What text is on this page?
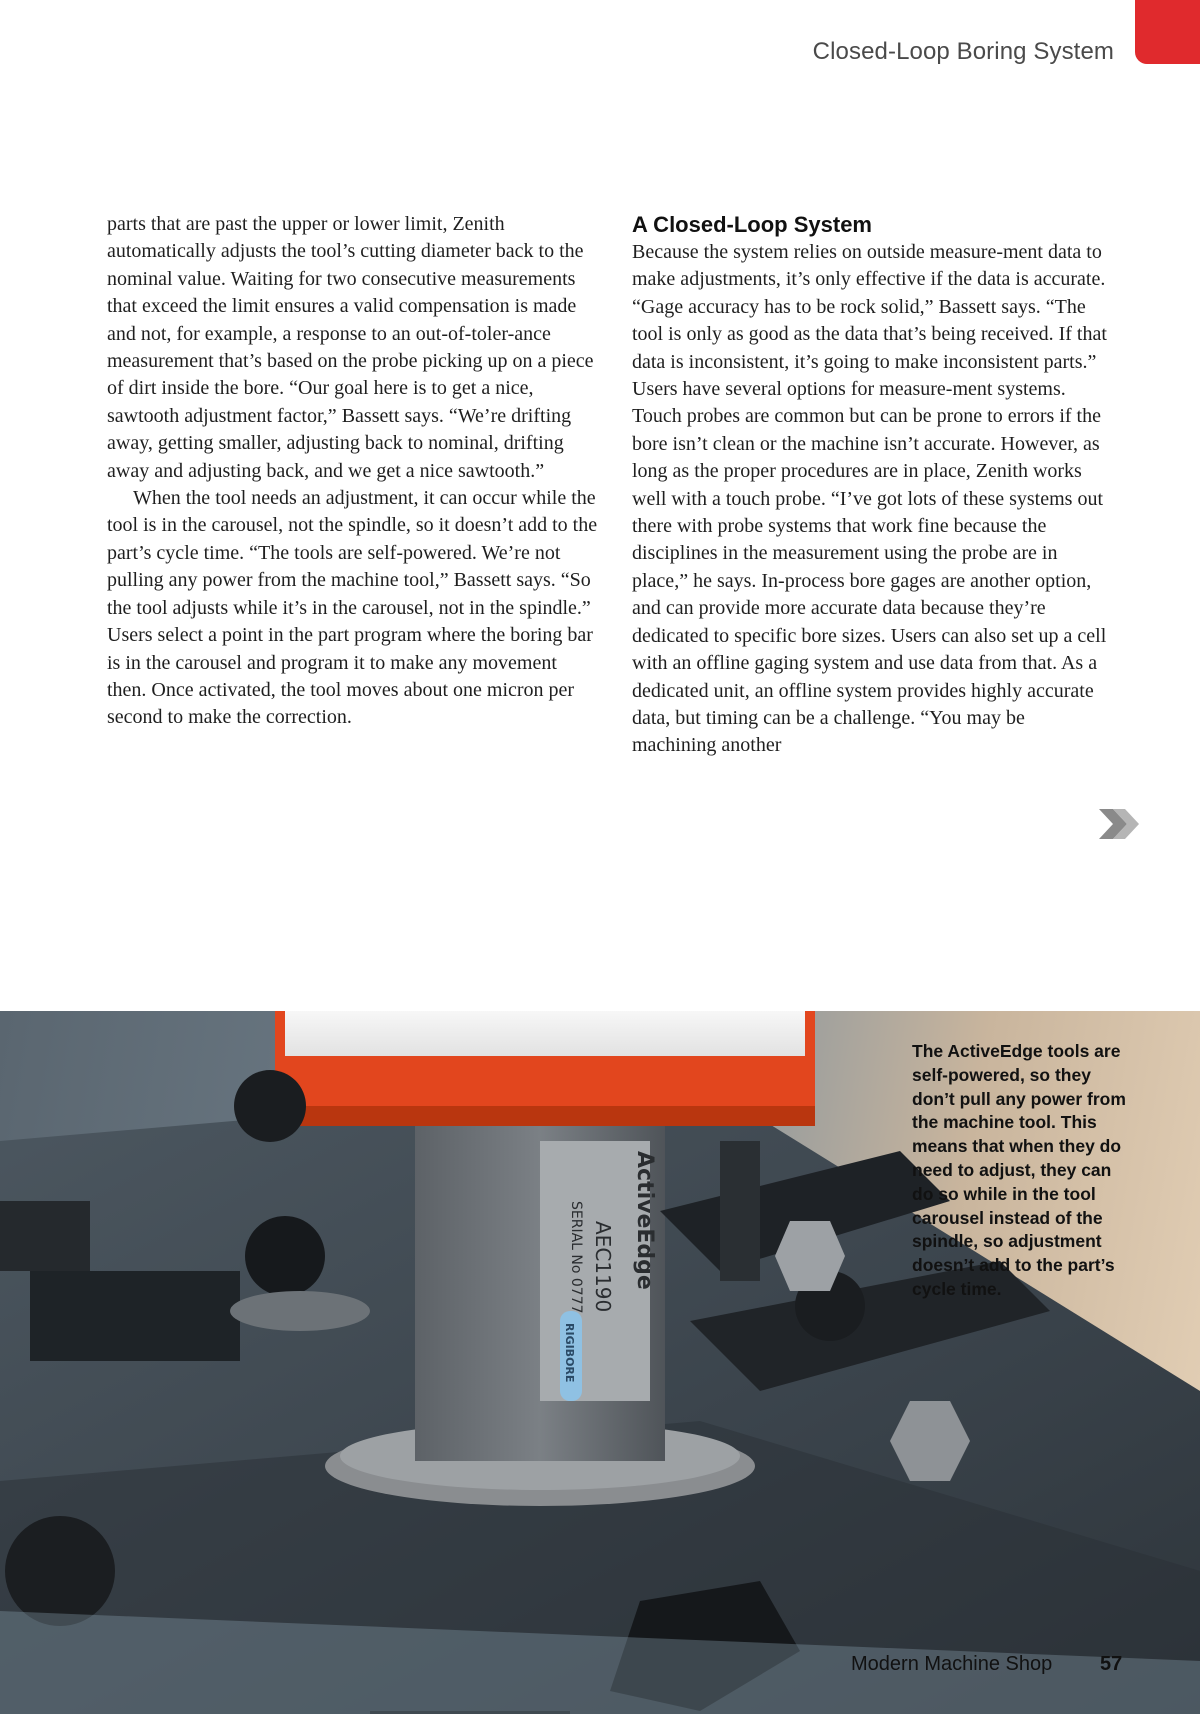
Closed-Loop Boring System

parts that are past the upper or lower limit, Zenith automatically adjusts the tool’s cutting diameter back to the nominal value. Waiting for two consecutive measurements that exceed the limit ensures a valid compensation is made and not, for example, a response to an out-of-toler-ance measurement that’s based on the probe picking up on a piece of dirt inside the bore. “Our goal here is to get a nice, sawtooth adjustment factor,” Bassett says. “We’re drifting away, getting smaller, adjusting back to nominal, drifting away and adjusting back, and we get a nice sawtooth.”

When the tool needs an adjustment, it can occur while the tool is in the carousel, not the spindle, so it doesn’t add to the part’s cycle time. “The tools are self-powered. We’re not pulling any power from the machine tool,” Bassett says. “So the tool adjusts while it’s in the carousel, not in the spindle.” Users select a point in the part program where the boring bar is in the carousel and program it to make any movement then. Once activated, the tool moves about one micron per second to make the correction.

A Closed-Loop System

Because the system relies on outside measure-ment data to make adjustments, it’s only effective if the data is accurate. “Gage accuracy has to be rock solid,” Bassett says. “The tool is only as good as the data that’s being received. If that data is inconsistent, it’s going to make inconsistent parts.” Users have several options for measure-ment systems. Touch probes are common but can be prone to errors if the bore isn’t clean or the machine isn’t accurate. However, as long as the proper procedures are in place, Zenith works well with a touch probe. “I’ve got lots of these systems out there with probe systems that work fine because the disciplines in the measurement using the probe are in place,” he says. In-process bore gages are another option, and can provide more accurate data because they’re dedicated to specific bore sizes. Users can also set up a cell with an offline gaging system and use data from that. As a dedicated unit, an offline system provides highly accurate data, but timing can be a challenge. “You may be machining another

ActiveEdge
AEC1190
SERIAL No 0777
RIGIBORE
The ActiveEdge tools are self-powered, so they don’t pull any power from the machine tool. This means that when they do need to adjust, they can do so while in the tool carousel instead of the spindle, so adjustment doesn’t add to the part’s cycle time.
Modern Machine Shop 57
